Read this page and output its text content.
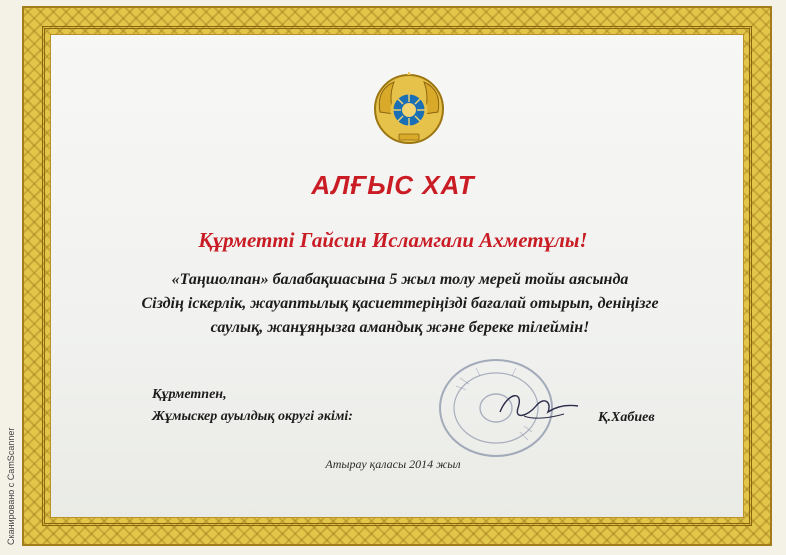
АЛҒЫС ХАТ
Құрметті Гайсин Исламгали Ахметұлы!
«Таңшолпан» балабақшасына 5 жыл толу мерей тойы аясында
Сіздің іскерлік, жауаптылық қасиеттеріңізді бағалай отырып, деніңізге
саулық, жанұяңызға амандық және береке тілеймін!
Құрметпен,
Жұмыскер ауылдық округі әкімі:	Қ.Хабиев
Атырау қаласы 2014 жыл
Сканировано с CamScanner
